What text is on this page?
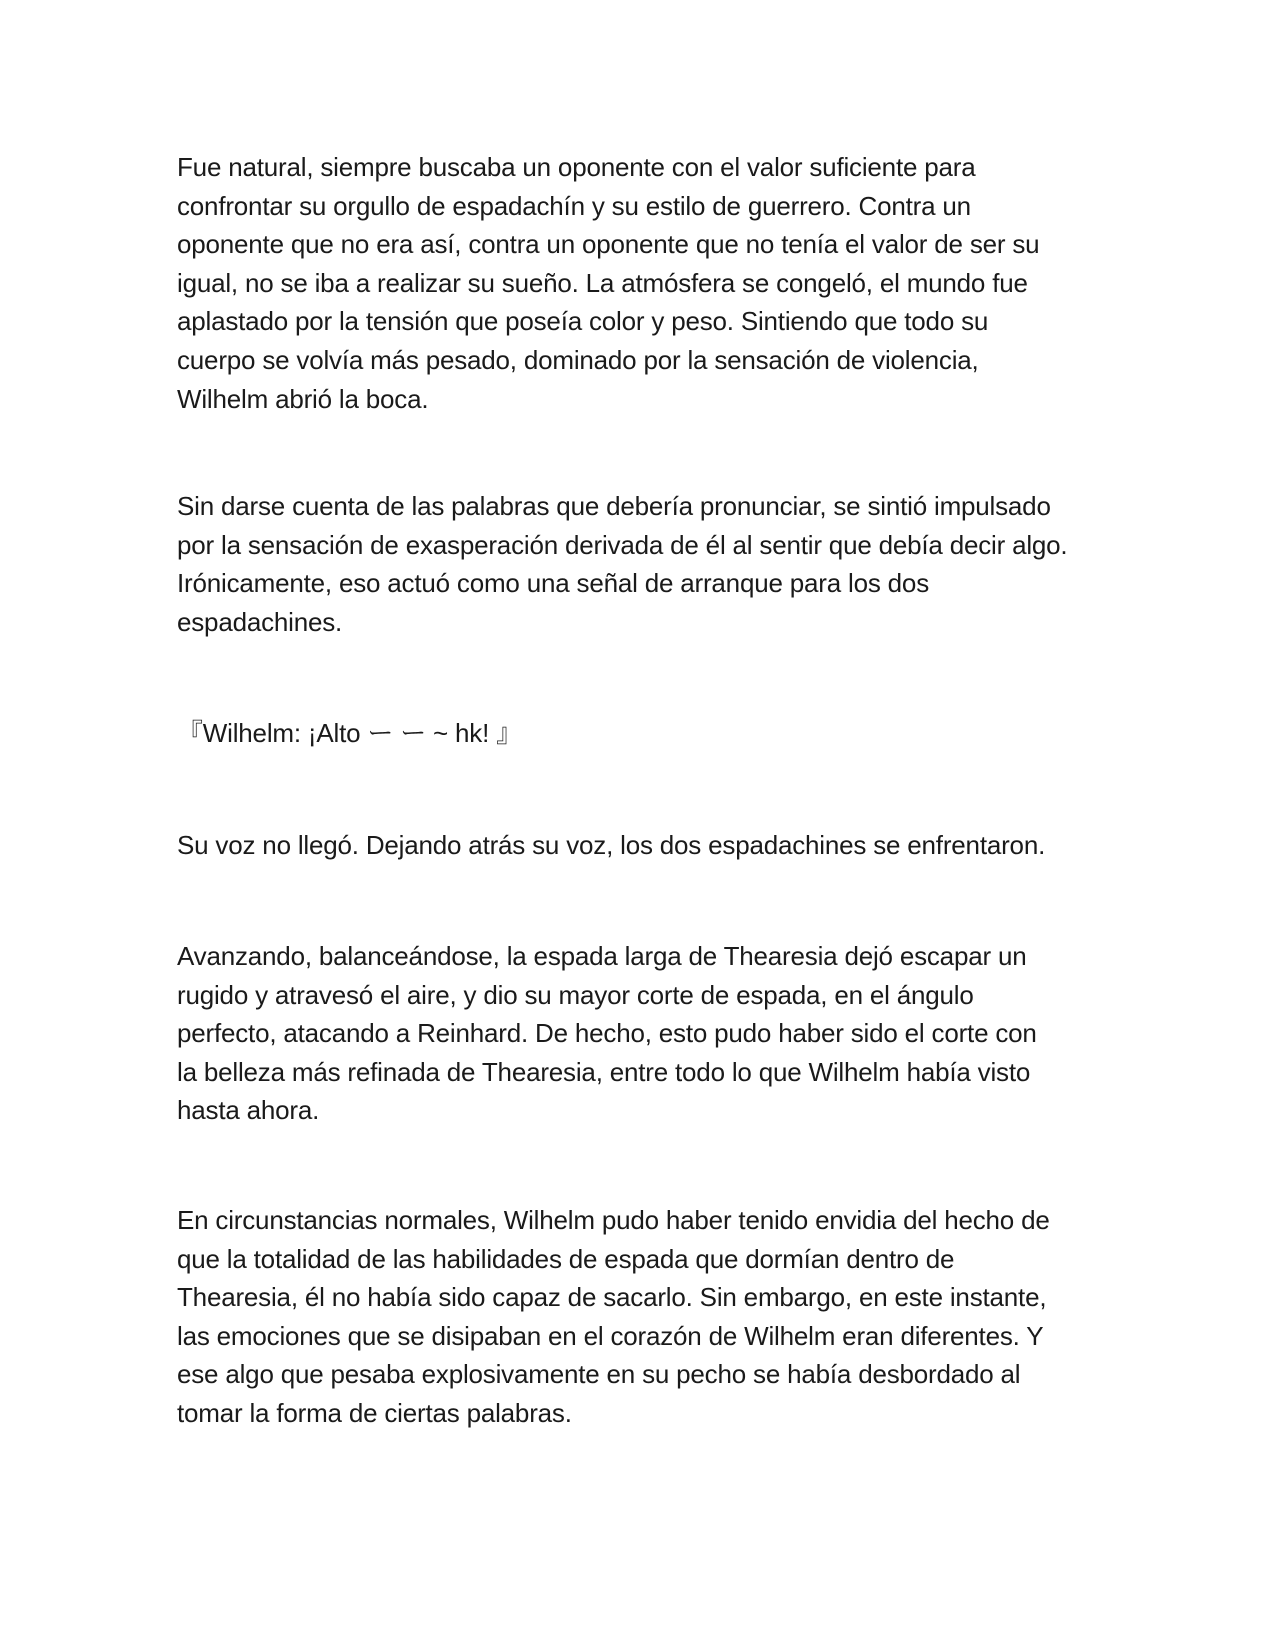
Fue natural, siempre buscaba un oponente con el valor suficiente para
confrontar su orgullo de espadachín y su estilo de guerrero. Contra un
oponente que no era así, contra un oponente que no tenía el valor de ser su
igual, no se iba a realizar su sueño. La atmósfera se congeló, el mundo fue
aplastado por la tensión que poseía color y peso. Sintiendo que todo su
cuerpo se volvía más pesado, dominado por la sensación de violencia,
Wilhelm abrió la boca.

Sin darse cuenta de las palabras que debería pronunciar, se sintió impulsado
por la sensación de exasperación derivada de él al sentir que debía decir algo.
Irónicamente, eso actuó como una señal de arranque para los dos
espadachines.

『Wilhelm: ¡Alto ー ー ~ hk! 』

Su voz no llegó. Dejando atrás su voz, los dos espadachines se enfrentaron.

Avanzando, balanceándose, la espada larga de Thearesia dejó escapar un
rugido y atravesó el aire, y dio su mayor corte de espada, en el ángulo
perfecto, atacando a Reinhard. De hecho, esto pudo haber sido el corte con
la belleza más refinada de Thearesia, entre todo lo que Wilhelm había visto
hasta ahora.

En circunstancias normales, Wilhelm pudo haber tenido envidia del hecho de
que la totalidad de las habilidades de espada que dormían dentro de
Thearesia, él no había sido capaz de sacarlo. Sin embargo, en este instante,
las emociones que se disipaban en el corazón de Wilhelm eran diferentes. Y
ese algo que pesaba explosivamente en su pecho se había desbordado al
tomar la forma de ciertas palabras.
